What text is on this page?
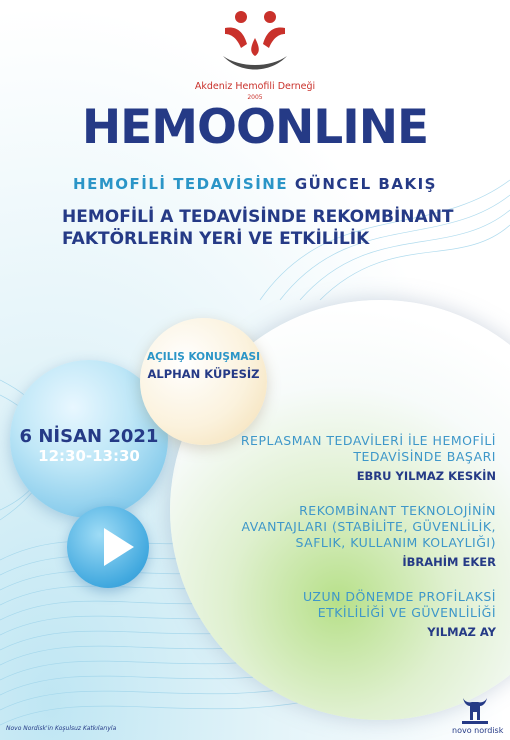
Akdeniz Hemofili Derneği
2005
HEMOONLINE
HEMOFİLİ TEDAVİSİNE GÜNCEL BAKIŞ
HEMOFİLİ A TEDAVİSİNDE REKOMBİNANT
FAKTÖRLERİN YERİ VE ETKİLİLİK
AÇILIŞ KONUŞMASI
ALPHAN KÜPESİZ
6 NİSAN 2021
12:30-13:30
REPLASMAN TEDAVİLERİ İLE HEMOFİLİ
TEDAVİSİNDE BAŞARI
EBRU YILMAZ KESKİN
REKOMBİNANT TEKNOLOJİNİN
AVANTAJLARI (STABİLİTE, GÜVENLİLİK,
SAFLIK, KULLANIM KOLAYLIĞI)
İBRAHİM EKER
UZUN DÖNEMDE PROFİLAKSİ
ETKİLİLİĞİ VE GÜVENLİLİĞİ
YILMAZ AY
Novo Nordisk'in Koşulsuz Katkılarıyla	novo nordisk
